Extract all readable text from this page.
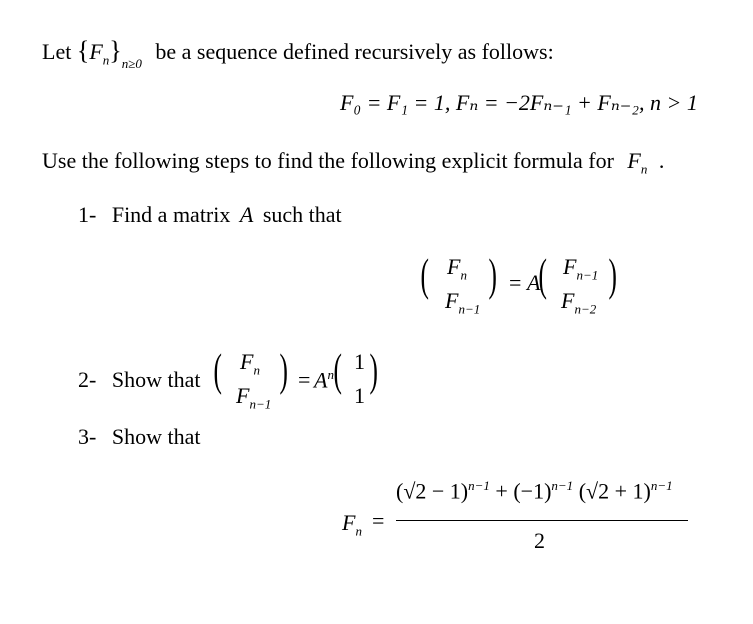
Let $\{F_n\}_{n\ge 0}$ be a sequence defined recursively as follows:
F₀ = F₁ = 1, Fₙ = −2Fₙ₋₁ + Fₙ₋₂, n > 1
Use the following steps to find the following explicit formula for $F_n$ .
1- Find a matrix A such that
( $F_n$
$F_{n-1}$
) = A
( $F_{n-1}$
$F_{n-2}$
)
2- Show that ( $F_n$
$F_{n-1}$
) = $A^n$ ( 1
1
)
3- Show that
$F_n$ =
$(√2 - 1)^{n-1} + (-1)^{n-1}$ $(√2 + 1)^{n-1}$
2
